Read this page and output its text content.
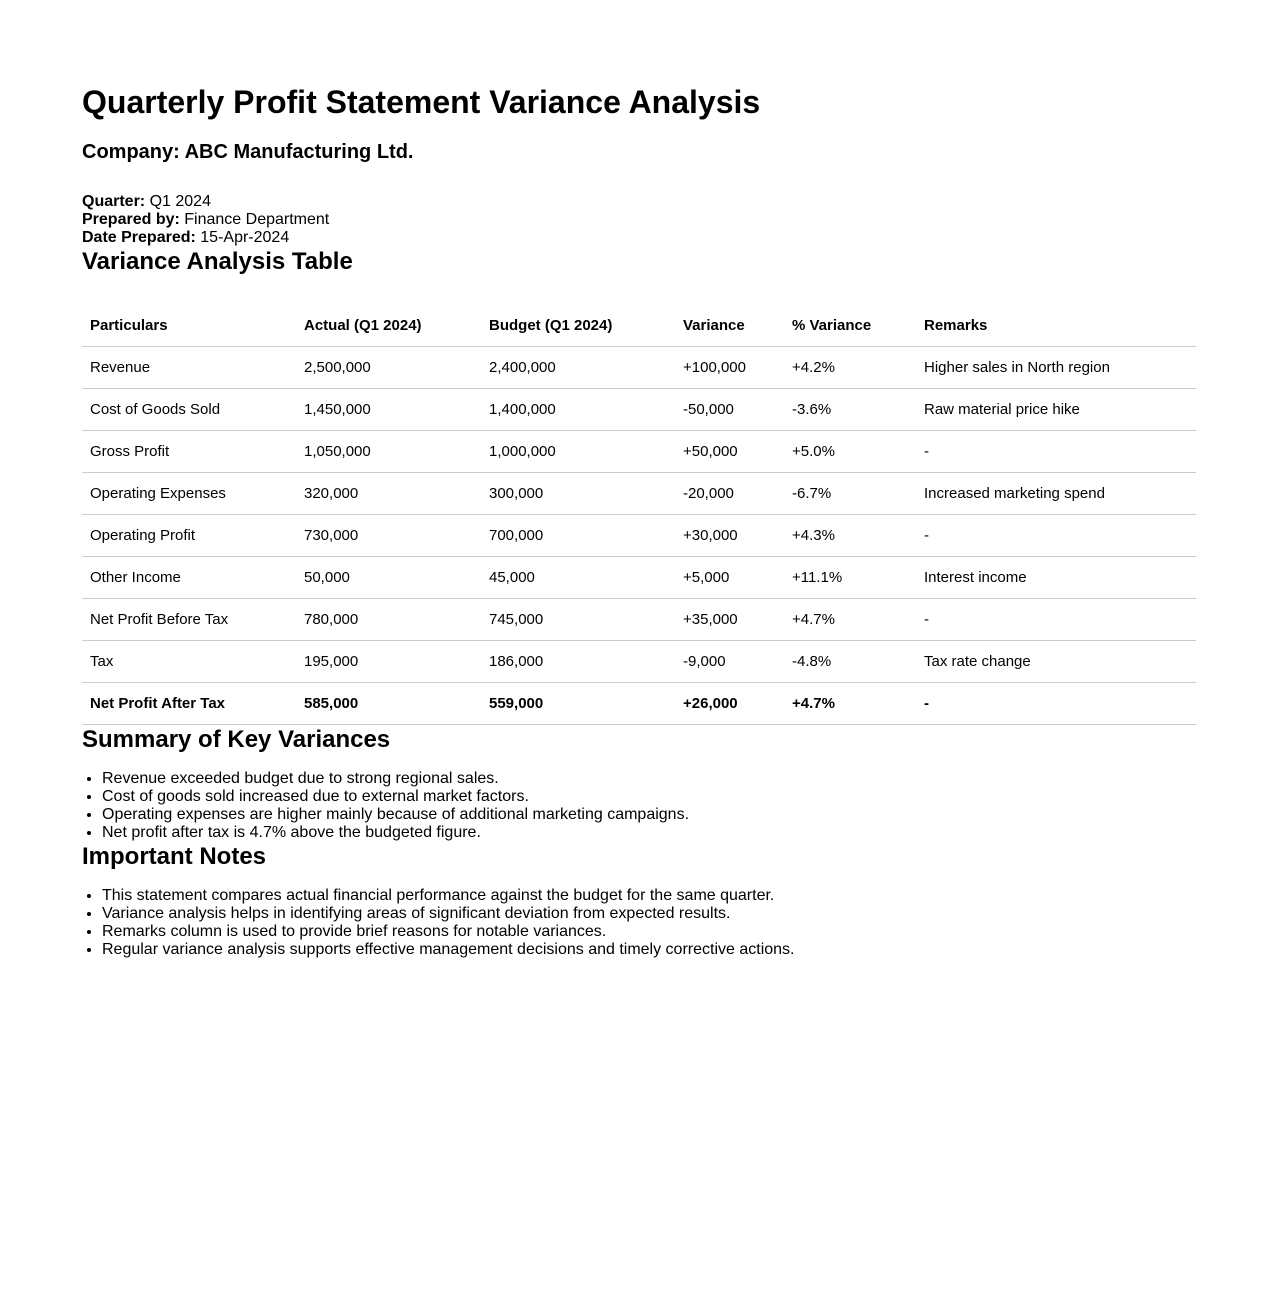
Quarterly Profit Statement Variance Analysis
Company: ABC Manufacturing Ltd.
Quarter: Q1 2024
Prepared by: Finance Department
Date Prepared: 15-Apr-2024
Variance Analysis Table
Particulars	Actual (Q1 2024)	Budget (Q1 2024)	Variance	% Variance	Remarks
Revenue	2,500,000	2,400,000	+100,000	+4.2%	Higher sales in North region
Cost of Goods Sold	1,450,000	1,400,000	-50,000	-3.6%	Raw material price hike
Gross Profit	1,050,000	1,000,000	+50,000	+5.0%	-
Operating Expenses	320,000	300,000	-20,000	-6.7%	Increased marketing spend
Operating Profit	730,000	700,000	+30,000	+4.3%	-
Other Income	50,000	45,000	+5,000	+11.1%	Interest income
Net Profit Before Tax	780,000	745,000	+35,000	+4.7%	-
Tax	195,000	186,000	-9,000	-4.8%	Tax rate change
Net Profit After Tax	585,000	559,000	+26,000	+4.7%	-
Summary of Key Variances
• Revenue exceeded budget due to strong regional sales.
• Cost of goods sold increased due to external market factors.
• Operating expenses are higher mainly because of additional marketing campaigns.
• Net profit after tax is 4.7% above the budgeted figure.
Important Notes
• This statement compares actual financial performance against the budget for the same quarter.
• Variance analysis helps in identifying areas of significant deviation from expected results.
• Remarks column is used to provide brief reasons for notable variances.
• Regular variance analysis supports effective management decisions and timely corrective actions.
